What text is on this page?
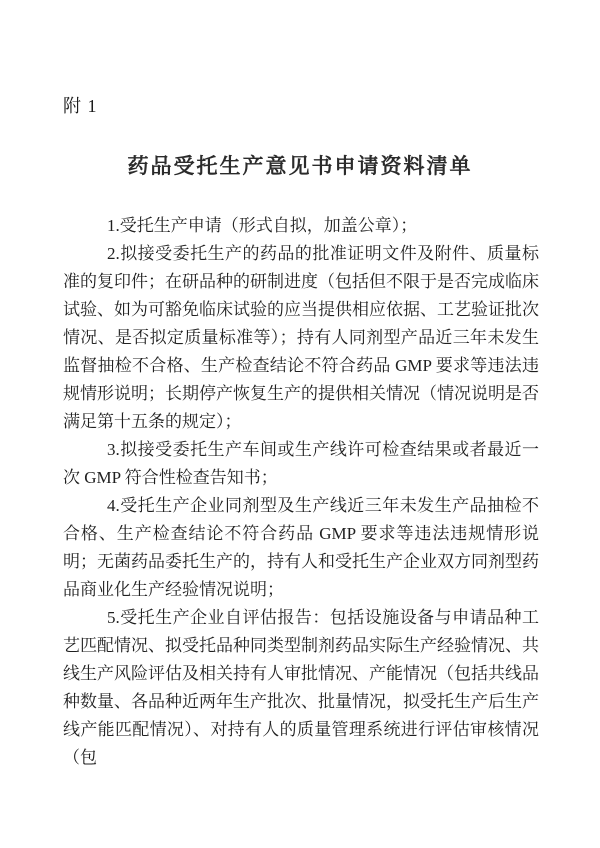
附 1
药品受托生产意见书申请资料清单

1.受托生产申请（形式自拟，加盖公章）；

2.拟接受委托生产的药品的批准证明文件及附件、质量标准的复印件；在研品种的研制进度（包括但不限于是否完成临床试验、如为可豁免临床试验的应当提供相应依据、工艺验证批次情况、是否拟定质量标准等）；持有人同剂型产品近三年未发生监督抽检不合格、生产检查结论不符合药品 GMP 要求等违法违规情形说明；长期停产恢复生产的提供相关情况（情况说明是否满足第十五条的规定）；

3.拟接受委托生产车间或生产线许可检查结果或者最近一次 GMP 符合性检查告知书；

4.受托生产企业同剂型及生产线近三年未发生产品抽检不合格、生产检查结论不符合药品 GMP 要求等违法违规情形说明；无菌药品委托生产的，持有人和受托生产企业双方同剂型药品商业化生产经验情况说明；

5.受托生产企业自评估报告：包括设施设备与申请品种工艺匹配情况、拟受托品种同类型制剂药品实际生产经验情况、共线生产风险评估及相关持有人审批情况、产能情况（包括共线品种数量、各品种近两年生产批次、批量情况，拟受托生产后生产线产能匹配情况）、对持有人的质量管理系统进行评估审核情况（包
